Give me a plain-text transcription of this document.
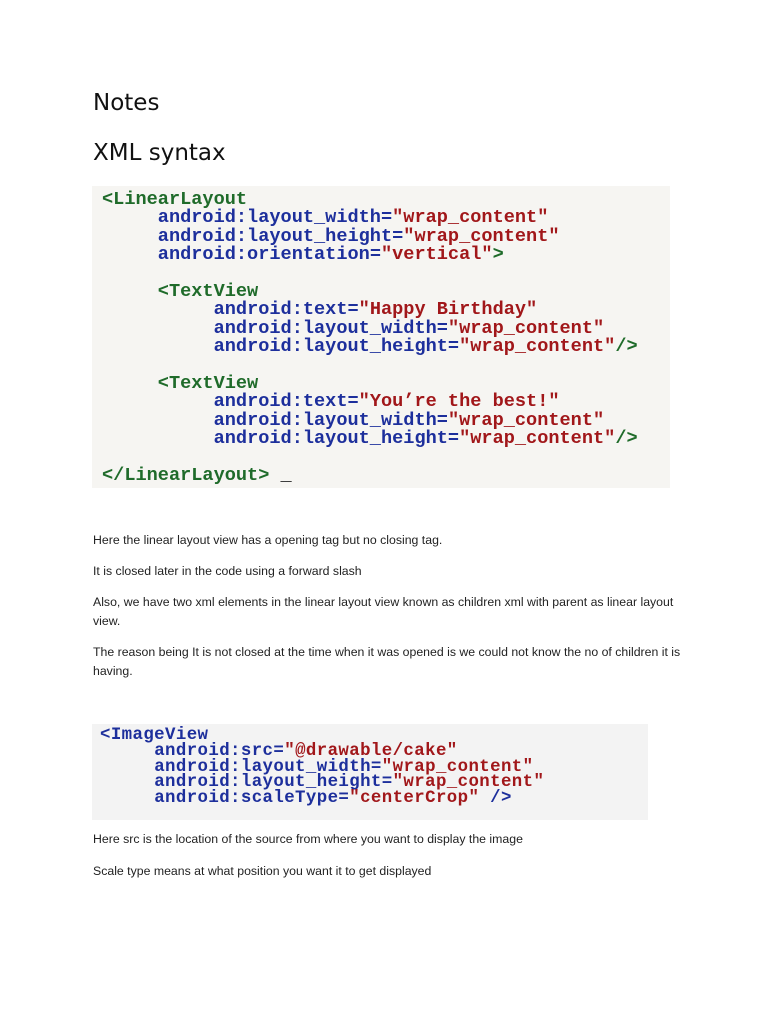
Notes
XML syntax
<LinearLayout
android:layout_width="wrap_content"
android:layout_height="wrap_content"
android:orientation="vertical">

<TextView
android:text="Happy Birthday"
android:layout_width="wrap_content"
android:layout_height="wrap_content"/>

<TextView
android:text="You’re the best!"
android:layout_width="wrap_content"
android:layout_height="wrap_content"/>

</LinearLayout> _

Here the linear layout view has a opening tag but no closing tag.

It is closed later in the code using a forward slash

Also, we have two xml elements in the linear layout view known as children xml with parent as linear layout view.

The reason being It is not closed at the time when it was opened is we could not know the no of children it is having.

<ImageView
android:src="@drawable/cake"
android:layout_width="wrap_content"
android:layout_height="wrap_content"
android:scaleType="centerCrop" />

Here src is the location of the source from where you want to display the image

Scale type means at what position you want it to get displayed
